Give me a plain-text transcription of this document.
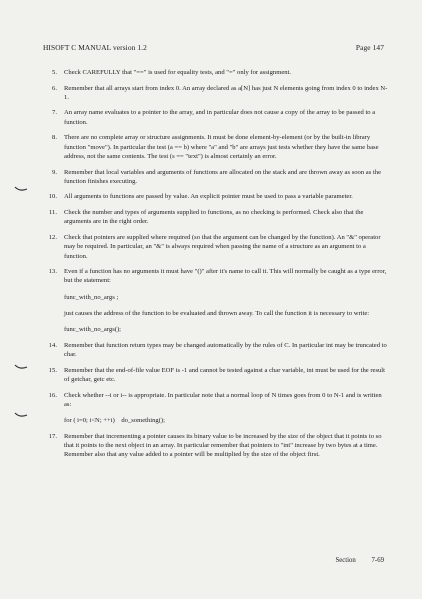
HISOFT C MANUAL version 1.2	Page 147
5. Check CAREFULLY that "==" is used for equality tests, and "=" only for assignment.
6. Remember that all arrays start from index 0. An array declared as a[N] has just N elements going from index 0 to index N-1.
7. An array name evaluates to a pointer to the array, and in particular does not cause a copy of the array to be passed to a function.
8. There are no complete array or structure assignments. It must be done element-by-element (or by the built-in library function "move"). In particular the test (a == b) where "a" and "b" are arrays just tests whether they have the same base address, not the same contents. The test (s == "text") is almost certainly an error.
9. Remember that local variables and arguments of functions are allocated on the stack and are thrown away as soon as the function finishes executing.
10. All arguments to functions are passed by value. An explicit pointer must be used to pass a variable parameter.
11. Check the number and types of arguments supplied to functions, as no checking is performed. Check also that the arguments are in the right order.
12. Check that pointers are supplied where required (so that the argument can be changed by the function). An "&" operator may be required. In particular, an "&" is always required when passing the name of a structure as an argument to a function.
13. Even if a function has no arguments it must have "()" after it's name to call it. This will normally be caught as a type error, but the statement:
func_with_no_args ;
just causes the address of the function to be evaluated and thrown away. To call the function it is necessary to write:
func_with_no_args();
14. Remember that function return types may be changed automatically by the rules of C. In particular int may be truncated to char.
15. Remember that the end-of-file value EOF is -1 and cannot be tested against a char variable, int must be used for the result of getchar, getc etc.
16. Check whether --i or i-- is appropriate. In particular note that a normal loop of N times goes from 0 to N-1 and is written as:
for ( i=0; i<N; ++i)    do_something();
17. Remember that incrementing a pointer causes its binary value to be increased by the size of the object that it points to so that it points to the next object in an array. In particular remember that pointers to "int" increase by two bytes at a time. Remember also that any value added to a pointer will be multiplied by the size of the object first.
Section 7-69
